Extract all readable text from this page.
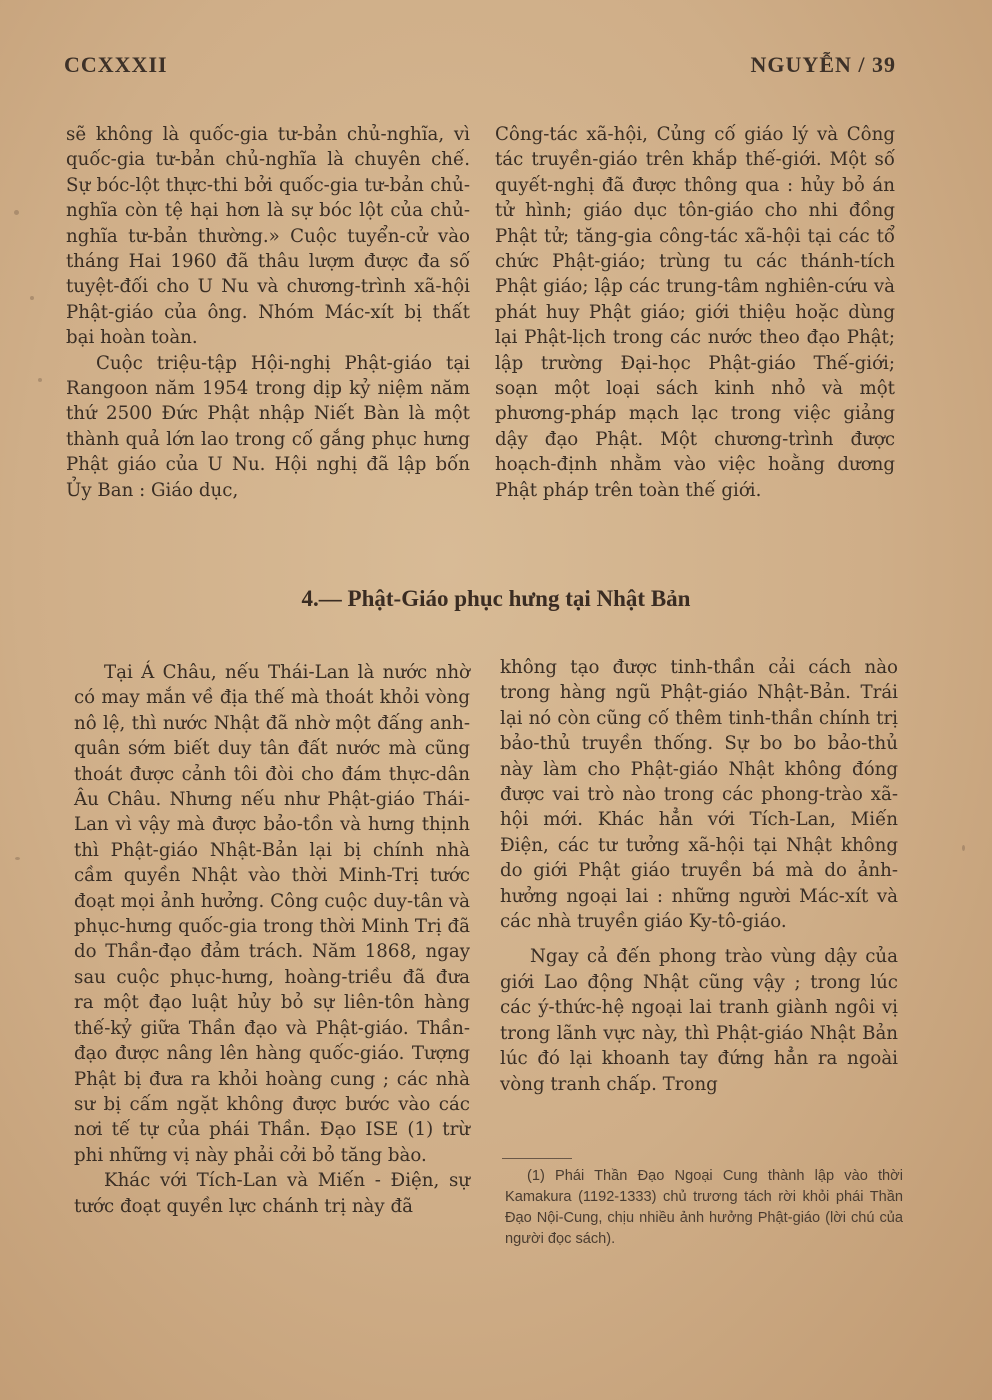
CCXXXII	NGUYỄN / 39

sẽ không là quốc-gia tư-bản chủ-nghĩa, vì quốc-gia tư-bản chủ-nghĩa là chuyên chế. Sự bóc-lột thực-thi bởi quốc-gia tư-bản chủ-nghĩa còn tệ hại hơn là sự bóc lột của chủ-nghĩa tư-bản thường.» Cuộc tuyển-cử vào tháng Hai 1960 đã thâu lượm được đa số tuyệt-đối cho U Nu và chương-trình xã-hội Phật-giáo của ông. Nhóm Mác-xít bị thất bại hoàn toàn.

Cuộc triệu-tập Hội-nghị Phật-giáo tại Rangoon năm 1954 trong dịp kỷ niệm năm thứ 2500 Đức Phật nhập Niết Bàn là một thành quả lớn lao trong cố gắng phục hưng Phật giáo của U Nu. Hội nghị đã lập bốn Ủy Ban : Giáo dục,

Công-tác xã-hội, Củng cố giáo lý và Công tác truyền-giáo trên khắp thế-giới. Một số quyết-nghị đã được thông qua : hủy bỏ án tử hình; giáo dục tôn-giáo cho nhi đồng Phật tử; tăng-gia công-tác xã-hội tại các tổ chức Phật-giáo; trùng tu các thánh-tích Phật giáo; lập các trung-tâm nghiên-cứu và phát huy Phật giáo; giới thiệu hoặc dùng lại Phật-lịch trong các nước theo đạo Phật; lập trường Đại-học Phật-giáo Thế-giới; soạn một loại sách kinh nhỏ và một phương-pháp mạch lạc trong việc giảng dậy đạo Phật. Một chương-trình được hoạch-định nhằm vào việc hoằng dương Phật pháp trên toàn thế giới.

4.— Phật-Giáo phục hưng tại Nhật Bản

Tại Á Châu, nếu Thái-Lan là nước nhờ có may mắn về địa thế mà thoát khỏi vòng nô lệ, thì nước Nhật đã nhờ một đấng anh-quân sớm biết duy tân đất nước mà cũng thoát được cảnh tôi đòi cho đám thực-dân Âu Châu. Nhưng nếu như Phật-giáo Thái-Lan vì vậy mà được bảo-tồn và hưng thịnh thì Phật-giáo Nhật-Bản lại bị chính nhà cầm quyền Nhật vào thời Minh-Trị tước đoạt mọi ảnh hưởng. Công cuộc duy-tân và phục-hưng quốc-gia trong thời Minh Trị đã do Thần-đạo đảm trách. Năm 1868, ngay sau cuộc phục-hưng, hoàng-triều đã đưa ra một đạo luật hủy bỏ sự liên-tôn hàng thế-kỷ giữa Thần đạo và Phật-giáo. Thần-đạo được nâng lên hàng quốc-giáo. Tượng Phật bị đưa ra khỏi hoàng cung ; các nhà sư bị cấm ngặt không được bước vào các nơi tế tự của phái Thần. Đạo ISE (1) trừ phi những vị này phải cởi bỏ tăng bào.

Khác với Tích-Lan và Miến - Điện, sự tước đoạt quyền lực chánh trị này đã

không tạo được tinh-thần cải cách nào trong hàng ngũ Phật-giáo Nhật-Bản. Trái lại nó còn cũng cố thêm tinh-thần chính trị bảo-thủ truyền thống. Sự bo bo bảo-thủ này làm cho Phật-giáo Nhật không đóng được vai trò nào trong các phong-trào xã-hội mới. Khác hẳn với Tích-Lan, Miến Điện, các tư tưởng xã-hội tại Nhật không do giới Phật giáo truyền bá mà do ảnh-hưởng ngoại lai : những người Mác-xít và các nhà truyền giáo Ky-tô-giáo.

Ngay cả đến phong trào vùng dậy của giới Lao động Nhật cũng vậy ; trong lúc các ý-thức-hệ ngoại lai tranh giành ngôi vị trong lãnh vực này, thì Phật-giáo Nhật Bản lúc đó lại khoanh tay đứng hẳn ra ngoài vòng tranh chấp. Trong

(1) Phái Thần Đạo Ngoại Cung thành lập vào thời Kamakura (1192-1333) chủ trương tách rời khỏi phái Thần Đạo Nội-Cung, chịu nhiều ảnh hưởng Phật-giáo (lời chú của người đọc sách).
